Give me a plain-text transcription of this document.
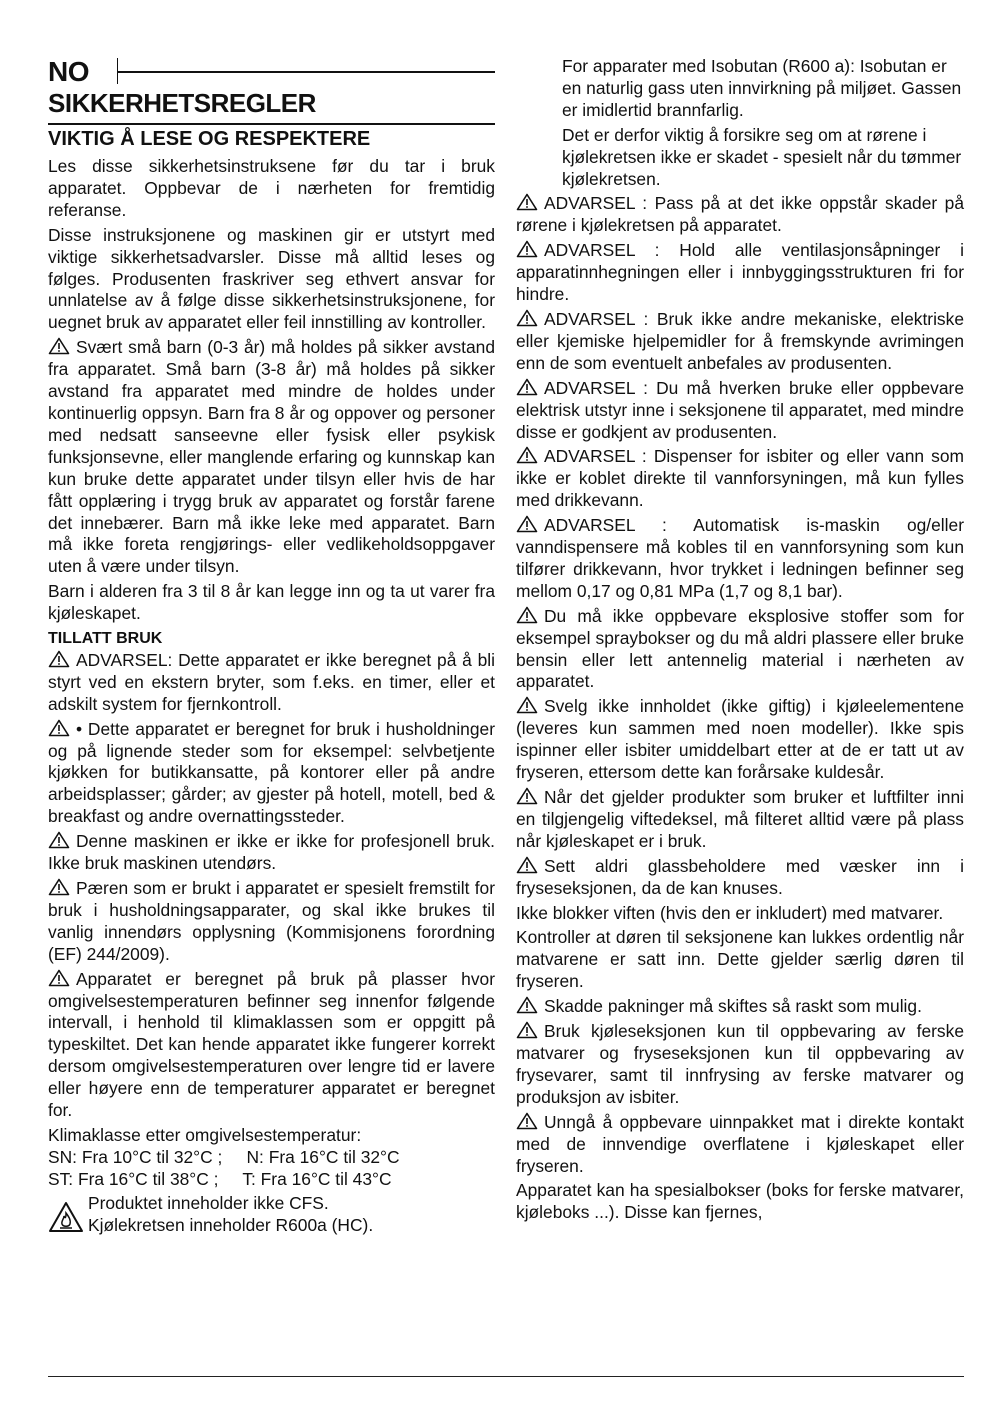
NO
SIKKERHETSREGLER
VIKTIG Å LESE OG RESPEKTERE

Les disse sikkerhetsinstruksene før du tar i bruk apparatet. Oppbevar de i nærheten for fremtidig referanse.

Disse instruksjonene og maskinen gir er utstyrt med viktige sikkerhetsadvarsler. Disse må alltid leses og følges. Produsenten fraskriver seg ethvert ansvar for unnlatelse av å følge disse sikkerhetsinstruksjonene, for uegnet bruk av apparatet eller feil innstilling av kontroller.

Svært små barn (0-3 år) må holdes på sikker avstand fra apparatet. Små barn (3-8 år) må holdes på sikker avstand fra apparatet med mindre de holdes under kontinuerlig oppsyn. Barn fra 8 år og oppover og personer med nedsatt sanseevne eller fysisk eller psykisk funksjonsevne, eller manglende erfaring og kunnskap kan kun bruke dette apparatet under tilsyn eller hvis de har fått opplæring i trygg bruk av apparatet og forstår farene det innebærer. Barn må ikke leke med apparatet. Barn må ikke foreta rengjørings- eller vedlikeholdsoppgaver uten å være under tilsyn.

Barn i alderen fra 3 til 8 år kan legge inn og ta ut varer fra kjøleskapet.

TILLATT BRUK

ADVARSEL: Dette apparatet er ikke beregnet på å bli styrt ved en ekstern bryter, som f.eks. en timer, eller et adskilt system for fjernkontroll.

• Dette apparatet er beregnet for bruk i husholdninger og på lignende steder som for eksempel: selvbetjente kjøkken for butikkansatte, på kontorer eller på andre arbeidsplasser; gårder; av gjester på hotell, motell, bed & breakfast og andre overnattingssteder.

Denne maskinen er ikke er ikke for profesjonell bruk. Ikke bruk maskinen utendørs.

Pæren som er brukt i apparatet er spesielt fremstilt for bruk i husholdningsapparater, og skal ikke brukes til vanlig innendørs opplysning (Kommisjonens forordning (EF) 244/2009).

Apparatet er beregnet på bruk på plasser hvor omgivelsestemperaturen befinner seg innenfor følgende intervall, i henhold til klimaklassen som er oppgitt på typeskiltet. Det kan hende apparatet ikke fungerer korrekt dersom omgivelsestemperaturen over lengre tid er lavere eller høyere enn de temperaturer apparatet er beregnet for.

Klimaklasse etter omgivelsestemperatur:
SN: Fra 10°C til 32°C ;     N: Fra 16°C til 32°C
ST: Fra 16°C til 38°C ;     T: Fra 16°C til 43°C
Produktet inneholder ikke CFS.
Kjølekretsen inneholder R600a (HC).

For apparater med Isobutan (R600 a): Isobutan er en naturlig gass uten innvirkning på miljøet. Gassen er imidlertid brannfarlig.

Det er derfor viktig å forsikre seg om at rørene i kjølekretsen ikke er skadet - spesielt når du tømmer kjølekretsen.

ADVARSEL : Pass på at det ikke oppstår skader på rørene i kjølekretsen på apparatet.

ADVARSEL : Hold alle ventilasjonsåpninger i apparatinnhegningen eller i innbyggingsstrukturen fri for hindre.

ADVARSEL : Bruk ikke andre mekaniske, elektriske eller kjemiske hjelpemidler for å fremskynde avrimingen enn de som eventuelt anbefales av produsenten.

ADVARSEL : Du må hverken bruke eller oppbevare elektrisk utstyr inne i seksjonene til apparatet, med mindre disse er godkjent av produsenten.

ADVARSEL : Dispenser for isbiter og eller vann som ikke er koblet direkte til vannforsyningen, må kun fylles med drikkevann.

ADVARSEL : Automatisk is-maskin og/eller vanndispensere må kobles til en vannforsyning som kun tilfører drikkevann, hvor trykket i ledningen befinner seg mellom 0,17 og 0,81 MPa (1,7 og 8,1 bar).

Du må ikke oppbevare eksplosive stoffer som for eksempel spraybokser og du må aldri plassere eller bruke bensin eller lett antennelig material i nærheten av apparatet.

Svelg ikke innholdet (ikke giftig) i kjøleelementene (leveres kun sammen med noen modeller). Ikke spis ispinner eller isbiter umiddelbart etter at de er tatt ut av fryseren, ettersom dette kan forårsake kuldesår.

Når det gjelder produkter som bruker et luftfilter inni en tilgjengelig viftedeksel, må filteret alltid være på plass når kjøleskapet er i bruk.

Sett aldri glassbeholdere med væsker inn i fryseseksjonen, da de kan knuses.

Ikke blokker viften (hvis den er inkludert) med matvarer.

Kontroller at døren til seksjonene kan lukkes ordentlig når matvarene er satt inn. Dette gjelder særlig døren til fryseren.

Skadde pakninger må skiftes så raskt som mulig.

Bruk kjøleseksjonen kun til oppbevaring av ferske matvarer og fryseseksjonen kun til oppbevaring av frysevarer, samt til innfrysing av ferske matvarer og produksjon av isbiter.

Unngå å oppbevare uinnpakket mat i direkte kontakt med de innvendige overflatene i kjøleskapet eller fryseren.

Apparatet kan ha spesialbokser (boks for ferske matvarer, kjøleboks ...). Disse kan fjernes,
